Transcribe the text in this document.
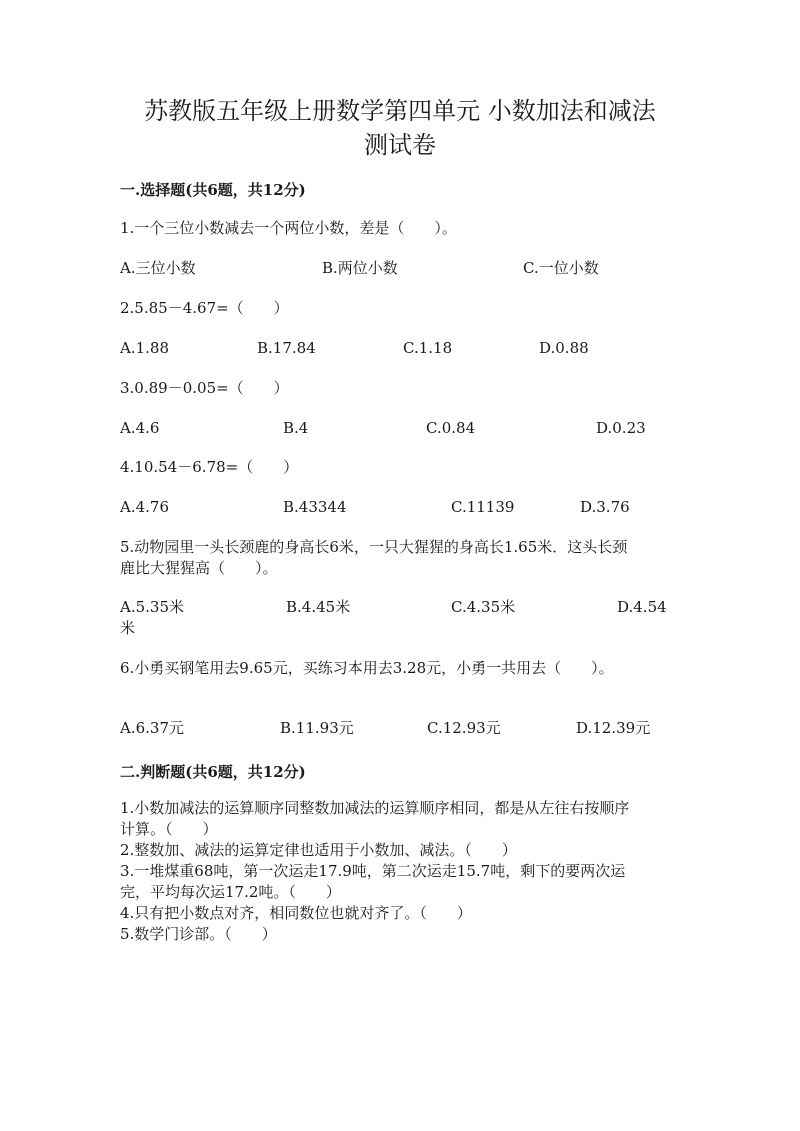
苏教版五年级上册数学第四单元 小数加法和减法
测试卷
一.选择题(共6题，共12分)
1.一个三位小数减去一个两位小数，差是（　　）。
A.三位小数	B.两位小数	C.一位小数
2.5.85－4.67=（　　）
A.1.88	B.17.84	C.1.18	D.0.88
3.0.89－0.05=（　　）
A.4.6	B.4	C.0.84	D.0.23
4.10.54－6.78=（　　）
A.4.76	B.43344	C.11139	D.3.76
5.动物园里一头长颈鹿的身高长6米，一只大猩猩的身高长1.65米．这头长颈
鹿比大猩猩高（　　）。
A.5.35米	B.4.45米	C.4.35米	D.4.54
米
6.小勇买钢笔用去9.65元，买练习本用去3.28元，小勇一共用去（　　）。
A.6.37元	B.11.93元	C.12.93元	D.12.39元
二.判断题(共6题，共12分)
1.小数加减法的运算顺序同整数加减法的运算顺序相同，都是从左往右按顺序
计算。（　　）
2.整数加、减法的运算定律也适用于小数加、减法。（　　）
3.一堆煤重68吨，第一次运走17.9吨，第二次运走15.7吨，剩下的要两次运
完，平均每次运17.2吨。（　　）
4.只有把小数点对齐，相同数位也就对齐了。（　　）
5.数学门诊部。（　　）
